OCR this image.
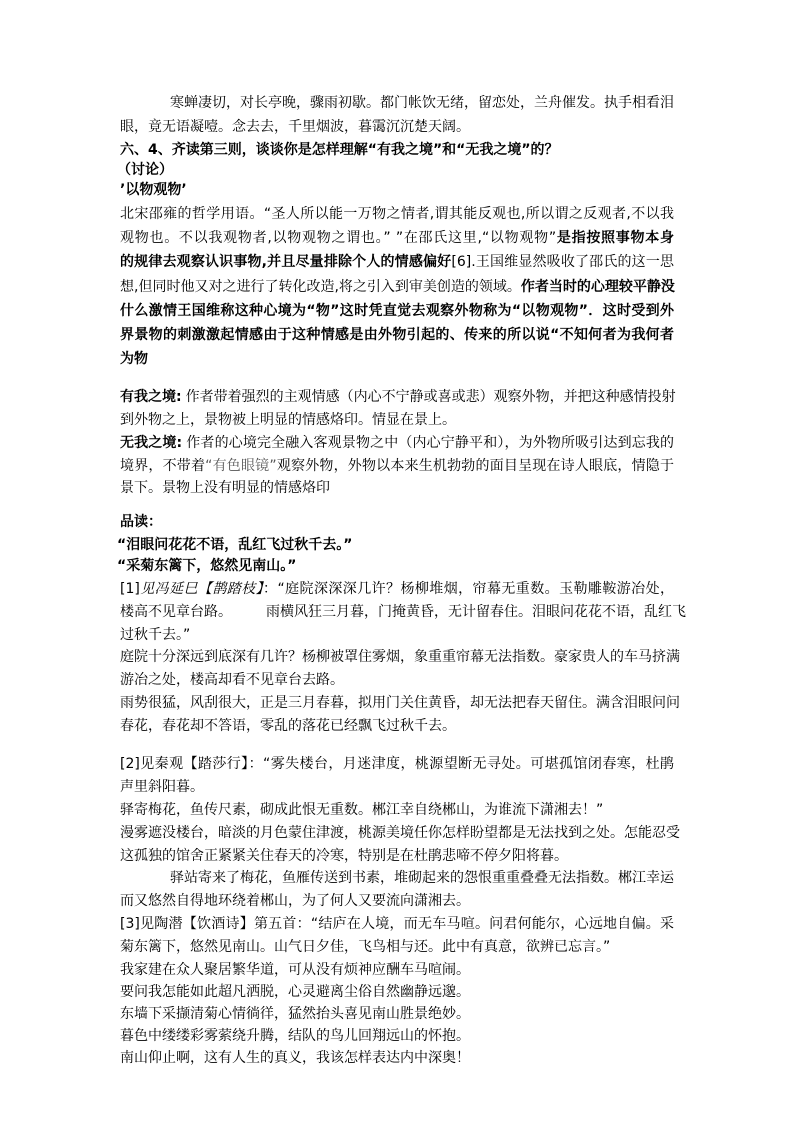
寒蝉凄切，对长亭晚，骤雨初歇。都门帐饮无绪，留恋处，兰舟催发。执手相看泪
眼，竟无语凝噎。念去去，千里烟波，暮霭沉沉楚天阔。
六、4、齐读第三则，谈谈你是怎样理解“有我之境”和“无我之境”的？
（讨论）
’以物观物’
北宋邵雍的哲学用语。“圣人所以能一万物之情者,谓其能反观也,所以谓之反观者,不以我
观物也。不以我观物者,以物观物之谓也。” ”在邵氏这里,“以物观物”是指按照事物本身
的规律去观察认识事物,并且尽量排除个人的情感偏好[6].王国维显然吸收了邵氏的这一思
想,但同时他又对之进行了转化改造,将之引入到审美创造的领域。作者当时的心理较平静没
什么激情王国维称这种心境为“物”这时凭直觉去观察外物称为“以物观物”．这时受到外
界景物的刺激激起情感由于这种情感是由外物引起的、传来的所以说“不知何者为我何者
为物
有我之境: 作者带着强烈的主观情感（内心不宁静或喜或悲）观察外物，并把这种感情投射
到外物之上，景物被上明显的情感烙印。情显在景上。
无我之境: 作者的心境完全融入客观景物之中（内心宁静平和），为外物所吸引达到忘我的
境界，不带着“有色眼镜”观察外物，外物以本来生机勃勃的面目呈现在诗人眼底，情隐于
景下。景物上没有明显的情感烙印
品读：
“泪眼问花花不语，乱红飞过秋千去。”
“采菊东篱下，悠然见南山。”
[1]见冯延巳【鹊踏枝】：“庭院深深深几许？杨柳堆烟，帘幕无重数。玉勒雕鞍游冶处，
楼高不见章台路。 雨横风狂三月暮，门掩黄昏，无计留春住。泪眼问花花不语，乱红飞
过秋千去。”
庭院十分深远到底深有几许？杨柳被罩住雾烟，象重重帘幕无法指数。豪家贵人的车马挤满
游冶之处，楼高却看不见章台去路。
雨势很猛，风刮很大，正是三月春暮，拟用门关住黄昏，却无法把春天留住。满含泪眼问问
春花，春花却不答语，零乱的落花已经飘飞过秋千去。
[2]见秦观【踏莎行】：“雾失楼台，月迷津度，桃源望断无寻处。可堪孤馆闭春寒，杜鹃
声里斜阳暮。
驿寄梅花，鱼传尺素，砌成此恨无重数。郴江幸自绕郴山，为谁流下潇湘去！”
漫雾遮没楼台，暗淡的月色蒙住津渡，桃源美境任你怎样盼望都是无法找到之处。怎能忍受
这孤独的馆舍正紧紧关住春天的冷寒，特别是在杜鹃悲啼不停夕阳将暮。
驿站寄来了梅花，鱼雁传送到书素，堆砌起来的怨恨重重叠叠无法指数。郴江幸运
而又悠然自得地环绕着郴山，为了何人又要流向潇湘去。
[3]见陶潜【饮酒诗】第五首：“结庐在人境，而无车马喧。问君何能尔，心远地自偏。采
菊东篱下，悠然见南山。山气日夕佳，飞鸟相与还。此中有真意，欲辨已忘言。”
我家建在众人聚居繁华道，可从没有烦神应酬车马喧闹。
要问我怎能如此超凡洒脱，心灵避离尘俗自然幽静远邈。
东墙下采撷清菊心情徜徉，猛然抬头喜见南山胜景绝妙。
暮色中缕缕彩雾萦绕升腾，结队的鸟儿回翔远山的怀抱。
南山仰止啊，这有人生的真义，我该怎样表达内中深奥！
